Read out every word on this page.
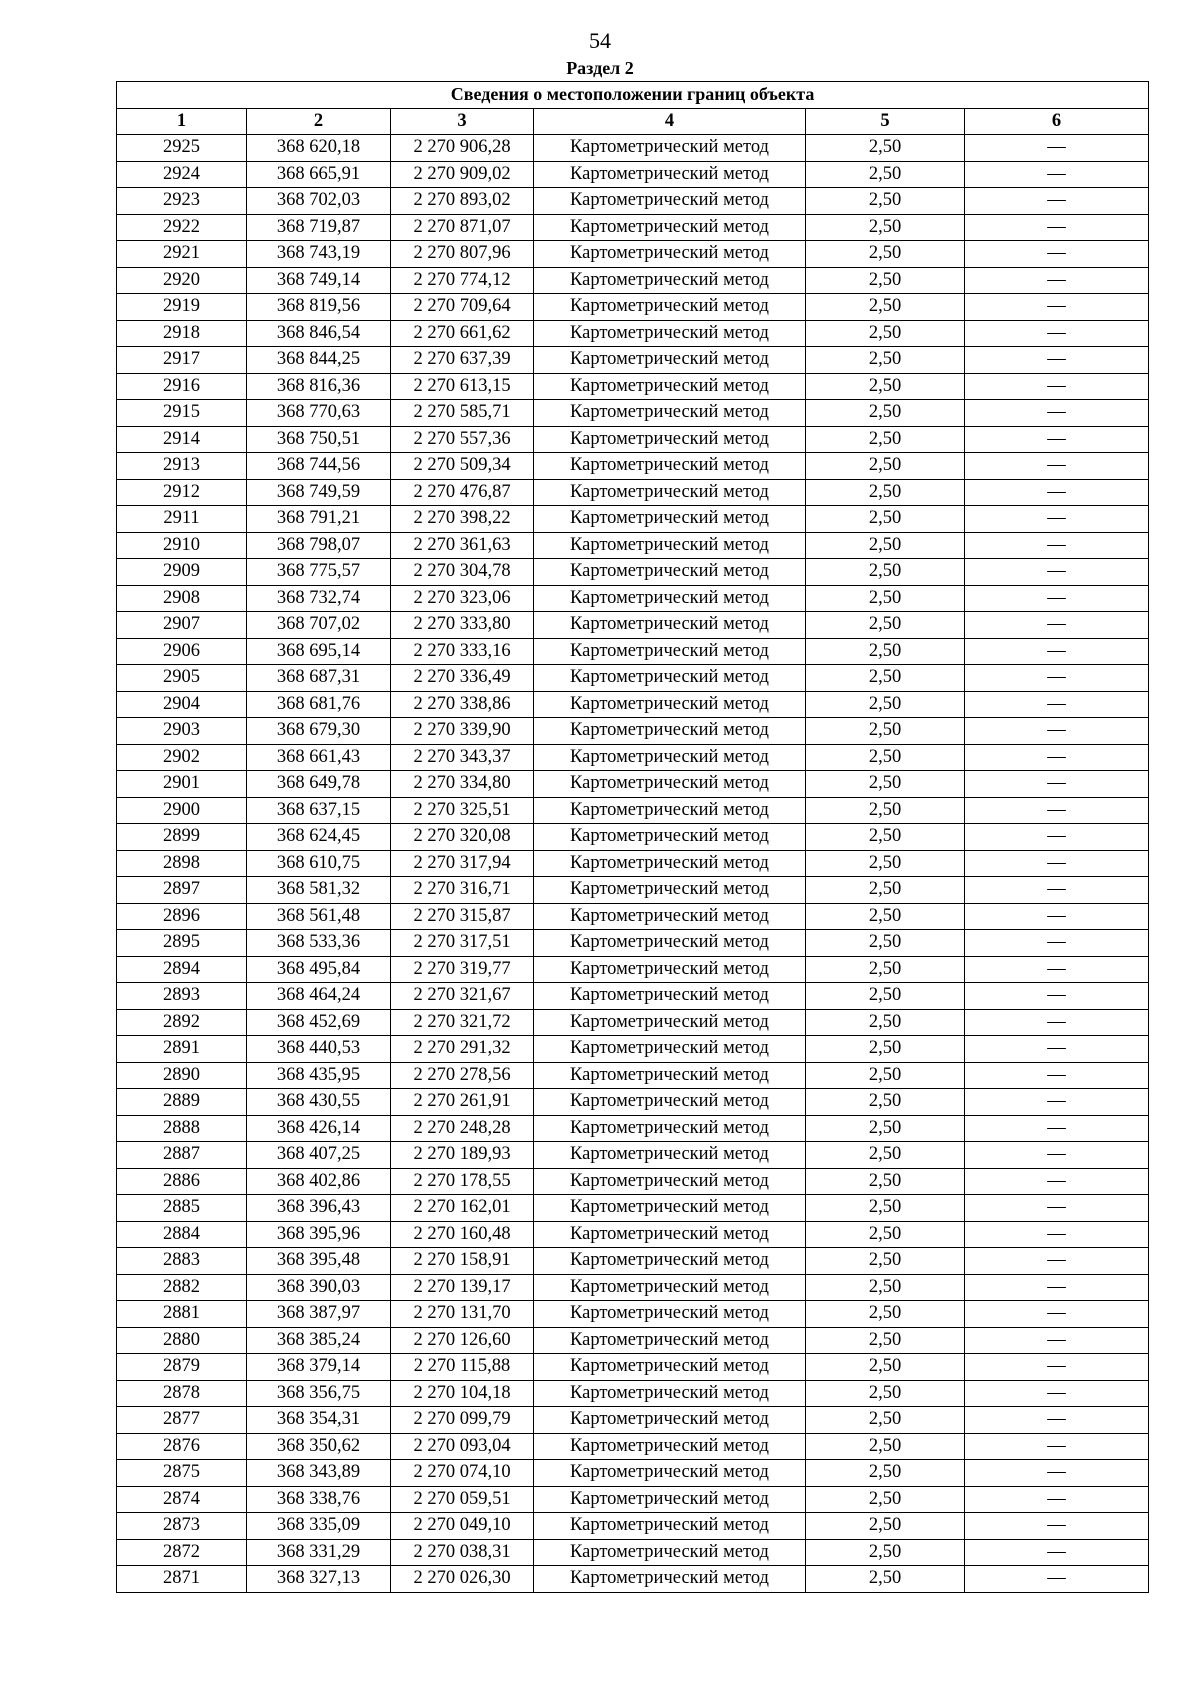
54
Раздел 2
Сведения о местоположении границ объекта					
1	2	3	4	5	6
2925	368 620,18	2 270 906,28	Картометрический метод	2,50	—
2924	368 665,91	2 270 909,02	Картометрический метод	2,50	—
2923	368 702,03	2 270 893,02	Картометрический метод	2,50	—
2922	368 719,87	2 270 871,07	Картометрический метод	2,50	—
2921	368 743,19	2 270 807,96	Картометрический метод	2,50	—
2920	368 749,14	2 270 774,12	Картометрический метод	2,50	—
2919	368 819,56	2 270 709,64	Картометрический метод	2,50	—
2918	368 846,54	2 270 661,62	Картометрический метод	2,50	—
2917	368 844,25	2 270 637,39	Картометрический метод	2,50	—
2916	368 816,36	2 270 613,15	Картометрический метод	2,50	—
2915	368 770,63	2 270 585,71	Картометрический метод	2,50	—
2914	368 750,51	2 270 557,36	Картометрический метод	2,50	—
2913	368 744,56	2 270 509,34	Картометрический метод	2,50	—
2912	368 749,59	2 270 476,87	Картометрический метод	2,50	—
2911	368 791,21	2 270 398,22	Картометрический метод	2,50	—
2910	368 798,07	2 270 361,63	Картометрический метод	2,50	—
2909	368 775,57	2 270 304,78	Картометрический метод	2,50	—
2908	368 732,74	2 270 323,06	Картометрический метод	2,50	—
2907	368 707,02	2 270 333,80	Картометрический метод	2,50	—
2906	368 695,14	2 270 333,16	Картометрический метод	2,50	—
2905	368 687,31	2 270 336,49	Картометрический метод	2,50	—
2904	368 681,76	2 270 338,86	Картометрический метод	2,50	—
2903	368 679,30	2 270 339,90	Картометрический метод	2,50	—
2902	368 661,43	2 270 343,37	Картометрический метод	2,50	—
2901	368 649,78	2 270 334,80	Картометрический метод	2,50	—
2900	368 637,15	2 270 325,51	Картометрический метод	2,50	—
2899	368 624,45	2 270 320,08	Картометрический метод	2,50	—
2898	368 610,75	2 270 317,94	Картометрический метод	2,50	—
2897	368 581,32	2 270 316,71	Картометрический метод	2,50	—
2896	368 561,48	2 270 315,87	Картометрический метод	2,50	—
2895	368 533,36	2 270 317,51	Картометрический метод	2,50	—
2894	368 495,84	2 270 319,77	Картометрический метод	2,50	—
2893	368 464,24	2 270 321,67	Картометрический метод	2,50	—
2892	368 452,69	2 270 321,72	Картометрический метод	2,50	—
2891	368 440,53	2 270 291,32	Картометрический метод	2,50	—
2890	368 435,95	2 270 278,56	Картометрический метод	2,50	—
2889	368 430,55	2 270 261,91	Картометрический метод	2,50	—
2888	368 426,14	2 270 248,28	Картометрический метод	2,50	—
2887	368 407,25	2 270 189,93	Картометрический метод	2,50	—
2886	368 402,86	2 270 178,55	Картометрический метод	2,50	—
2885	368 396,43	2 270 162,01	Картометрический метод	2,50	—
2884	368 395,96	2 270 160,48	Картометрический метод	2,50	—
2883	368 395,48	2 270 158,91	Картометрический метод	2,50	—
2882	368 390,03	2 270 139,17	Картометрический метод	2,50	—
2881	368 387,97	2 270 131,70	Картометрический метод	2,50	—
2880	368 385,24	2 270 126,60	Картометрический метод	2,50	—
2879	368 379,14	2 270 115,88	Картометрический метод	2,50	—
2878	368 356,75	2 270 104,18	Картометрический метод	2,50	—
2877	368 354,31	2 270 099,79	Картометрический метод	2,50	—
2876	368 350,62	2 270 093,04	Картометрический метод	2,50	—
2875	368 343,89	2 270 074,10	Картометрический метод	2,50	—
2874	368 338,76	2 270 059,51	Картометрический метод	2,50	—
2873	368 335,09	2 270 049,10	Картометрический метод	2,50	—
2872	368 331,29	2 270 038,31	Картометрический метод	2,50	—
2871	368 327,13	2 270 026,30	Картометрический метод	2,50	—
